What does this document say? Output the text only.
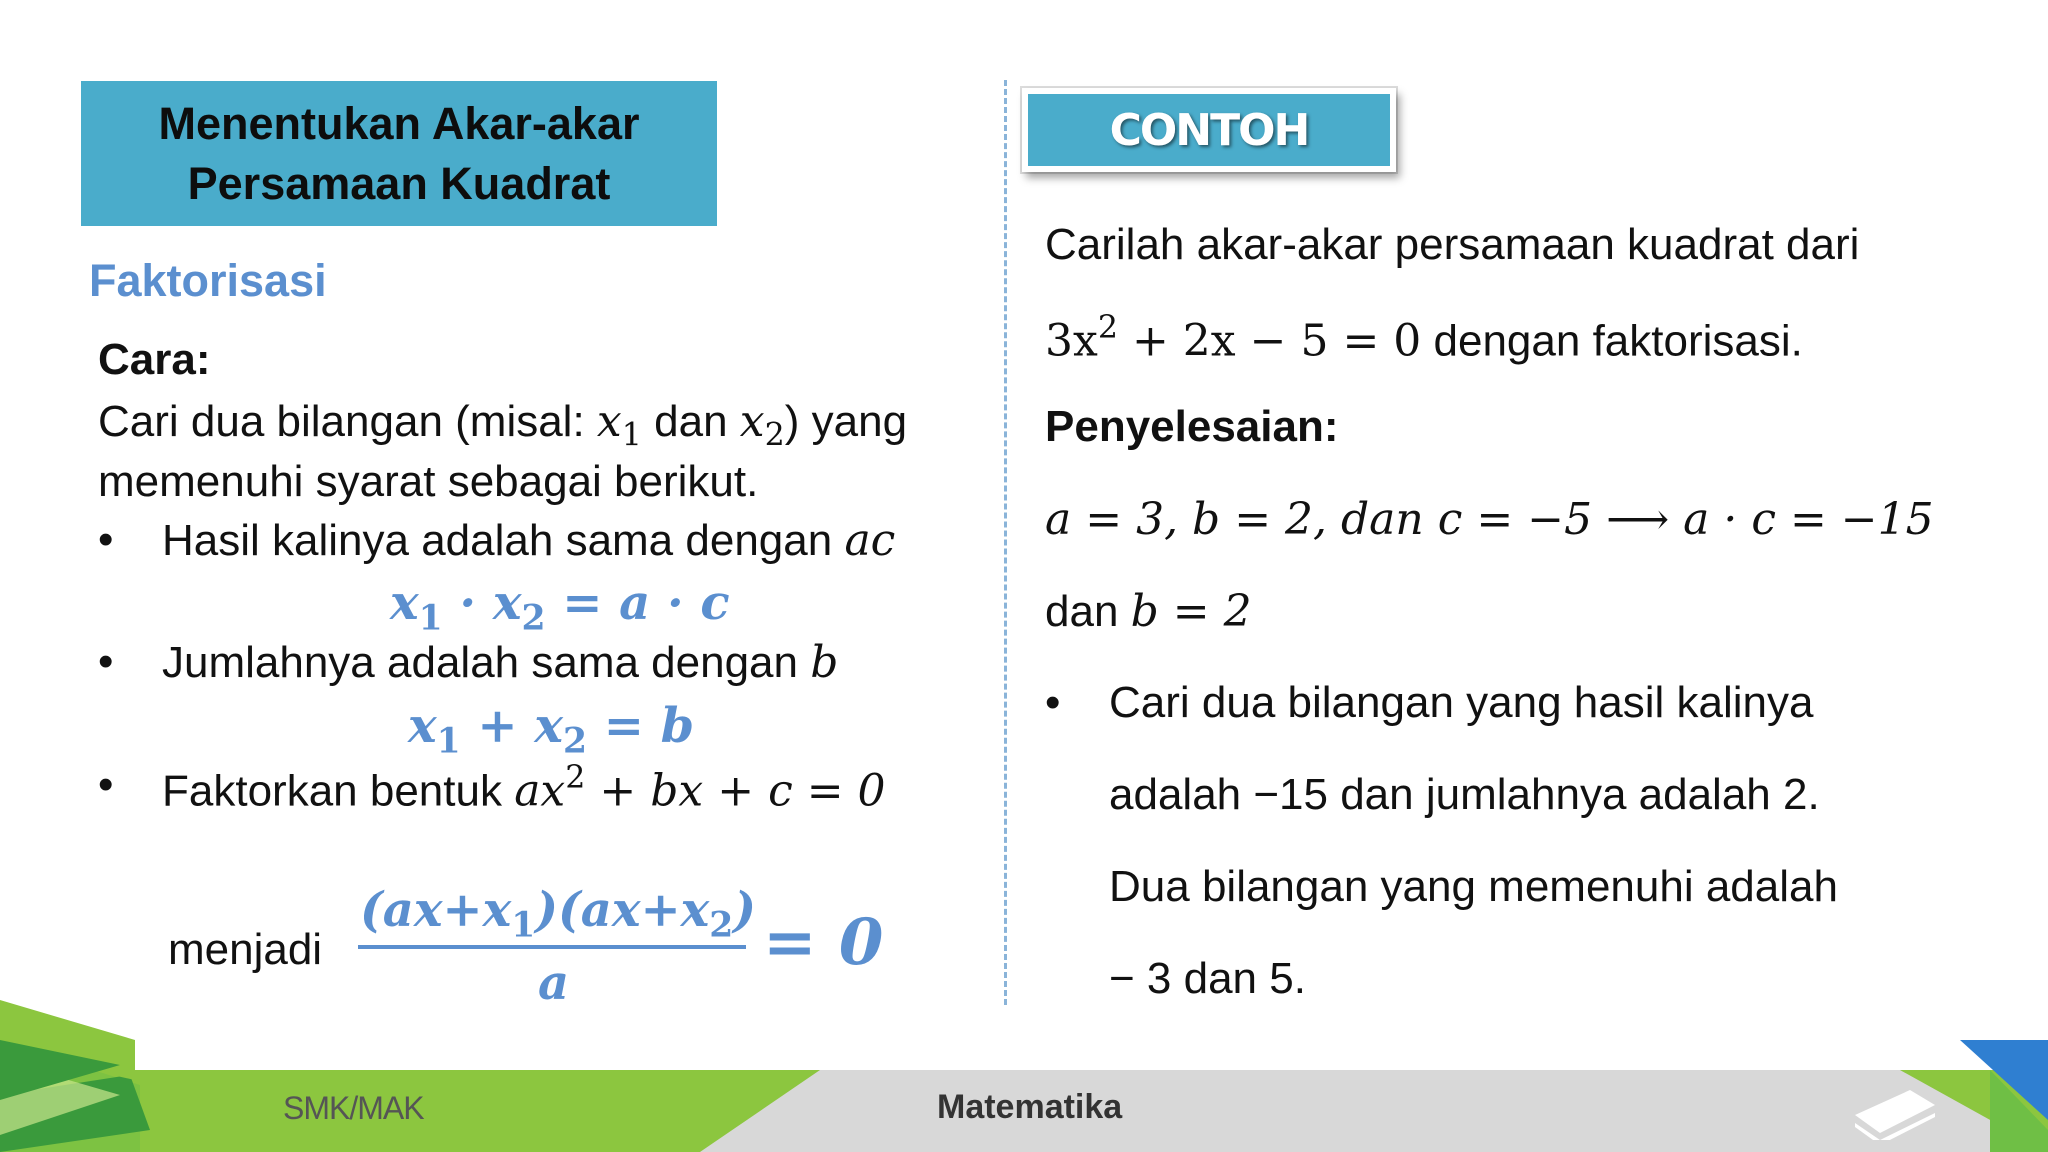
Menentukan Akar-akar
Persamaan Kuadrat
Faktorisasi
Cara:
Cari dua bilangan (misal: $x_1$ dan $x_2$) yang
memenuhi syarat sebagai berikut.
• Hasil kalinya adalah sama dengan ac
$x_1 \cdot x_2 = a \cdot c$
• Jumlahnya adalah sama dengan b
$x_1 + x_2 = b$
• Faktorkan bentuk $ax^2$ + bx + c = 0
menjadi
$(ax+x_1)(ax+x_2)$
a
= 0
CONTOH
Carilah akar-akar persamaan kuadrat dari
$3x^2 + 2x - 5 = 0$ dengan faktorisasi.
Penyelesaian:
a = 3, b = 2, dan c = −5 ⟶ a · c = −15
dan b = 2
• Cari dua bilangan yang hasil kalinya
adalah −15 dan jumlahnya adalah 2.
Dua bilangan yang memenuhi adalah
− 3 dan 5.
SMK/MAK	Matematika
